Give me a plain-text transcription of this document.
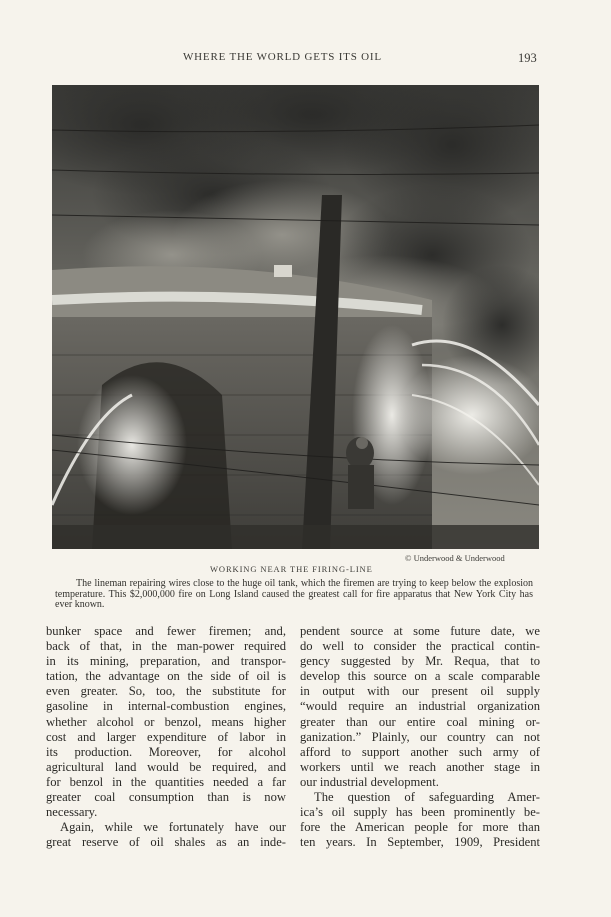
WHERE THE WORLD GETS ITS OIL	193
© Underwood & Underwood
WORKING NEAR THE FIRING-LINE
The lineman repairing wires close to the huge oil tank, which the firemen are trying to keep below the explosion temperature. This $2,000,000 fire on Long Island caused the greatest call for fire apparatus that New York City has ever known.
bunker space and fewer firemen; and,
back of that, in the man-power required
in its mining, preparation, and transpor-
tation, the advantage on the side of oil is
even greater. So, too, the substitute for
gasoline in internal-combustion engines,
whether alcohol or benzol, means higher
cost and larger expenditure of labor in
its production. Moreover, for alcohol
agricultural land would be required, and
for benzol in the quantities needed a far
greater coal consumption than is now
necessary.
Again, while we fortunately have our
great reserve of oil shales as an inde-
pendent source at some future date, we
do well to consider the practical contin-
gency suggested by Mr. Requa, that to
develop this source on a scale comparable
in output with our present oil supply
“would require an industrial organization
greater than our entire coal mining or-
ganization.” Plainly, our country can not
afford to support another such army of
workers until we reach another stage in
our industrial development.
The question of safeguarding Amer-
ica’s oil supply has been prominently be-
fore the American people for more than
ten years. In September, 1909, President
